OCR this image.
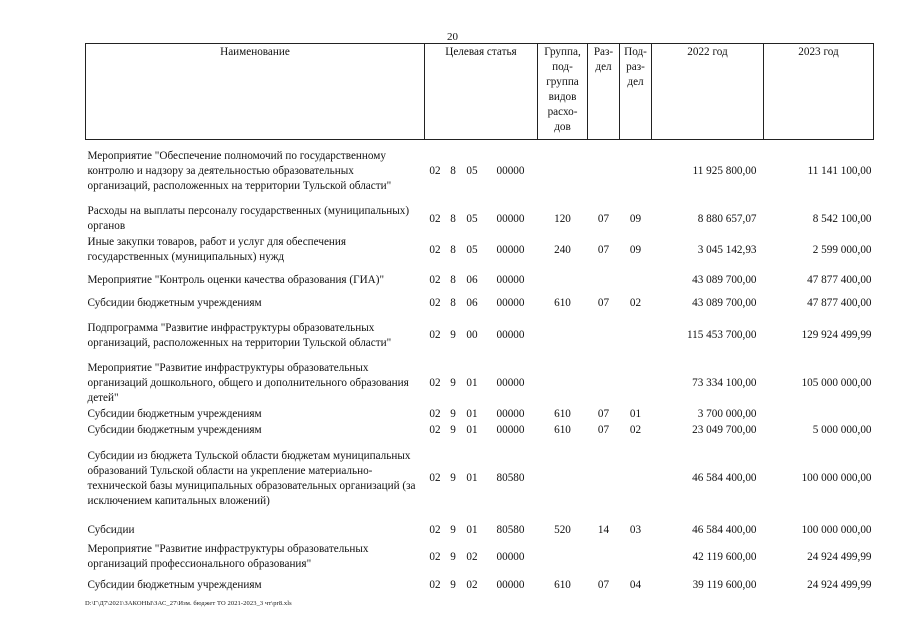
20
Наименование	Целевая статья				Группа, под- группа видов расхо- дов	Раз- дел	Под- раз- дел	2022 год	2023 год
Мероприятие "Обеспечение полномочий по государственному контролю и надзору за деятельностью образовательных организаций, расположенных на территории Тульской области"	02	8	05	00000				11 925 800,00	11 141 100,00
Расходы на выплаты персоналу государственных (муниципальных) органов	02	8	05	00000	120	07	09	8 880 657,07	8 542 100,00
Иные закупки товаров, работ и услуг для обеспечения государственных (муниципальных) нужд	02	8	05	00000	240	07	09	3 045 142,93	2 599 000,00
Мероприятие "Контроль оценки качества образования (ГИА)"	02	8	06	00000				43 089 700,00	47 877 400,00
Субсидии бюджетным учреждениям	02	8	06	00000	610	07	02	43 089 700,00	47 877 400,00
Подпрограмма "Развитие инфраструктуры образовательных организаций, расположенных на территории Тульской области"	02	9	00	00000				115 453 700,00	129 924 499,99
Мероприятие "Развитие инфраструктуры образовательных организаций дошкольного, общего и дополнительного образования детей"	02	9	01	00000				73 334 100,00	105 000 000,00
Субсидии бюджетным учреждениям	02	9	01	00000	610	07	01	3 700 000,00	
Субсидии бюджетным учреждениям	02	9	01	00000	610	07	02	23 049 700,00	5 000 000,00
Субсидии из бюджета Тульской области бюджетам муниципальных образований Тульской области на укрепление материально-технической базы муниципальных образовательных организаций (за исключением капитальных вложений)	02	9	01	80580				46 584 400,00	100 000 000,00
Субсидии	02	9	01	80580	520	14	03	46 584 400,00	100 000 000,00
Мероприятие "Развитие инфраструктуры образовательных организаций профессионального образования"	02	9	02	00000				42 119 600,00	24 924 499,99
Субсидии бюджетным учреждениям	02	9	02	00000	610	07	04	39 119 600,00	24 924 499,99
D:\Г\Д7\2021\ЗАКОНЫ\ЗАС_27\Изм. бюджет ТО 2021-2023_3 чт\pr8.xls
